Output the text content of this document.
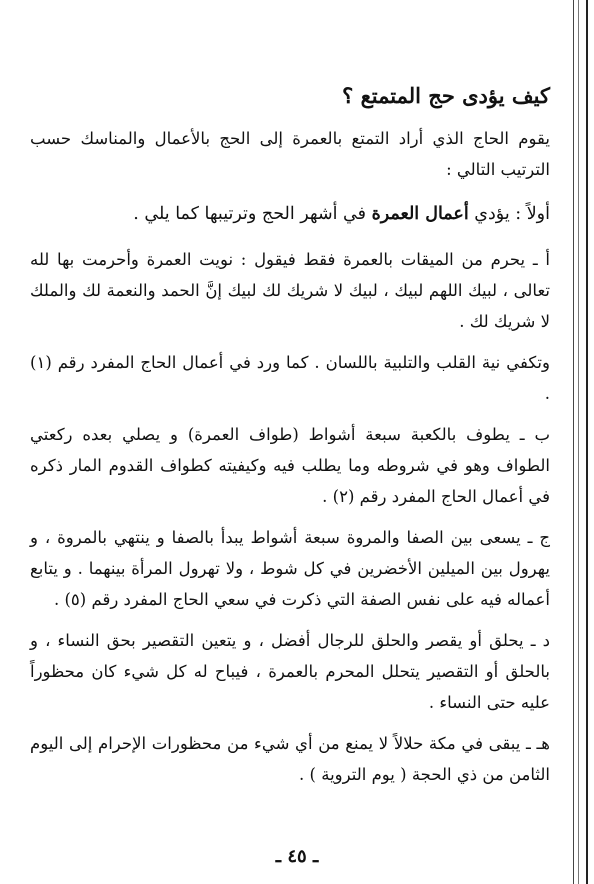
كيف يؤدى حج المتمتع ؟

يقوم الحاج الذي أراد التمتع بالعمرة إلى الحج بالأعمال والمناسك حسب الترتيب التالي :

أولاً : يؤدي أعمال العمرة في أشهر الحج وترتيبها كما يلي .

أ ـ يحرم من الميقات بالعمرة فقط فيقول : نويت العمرة وأحرمت بها لله تعالى ، لبيك اللهم لبيك ، لبيك لا شريك لك لبيك إنَّ الحمد والنعمة لك والملك لا شريك لك .

وتكفي نية القلب والتلبية باللسان . كما ورد في أعمال الحاج المفرد رقم (١) .

ب ـ يطوف بالكعبة سبعة أشواط (طواف العمرة) و يصلي بعده ركعتي الطواف وهو في شروطه وما يطلب فيه وكيفيته كطواف القدوم المار ذكره في أعمال الحاج المفرد رقم (٢) .

ج ـ يسعى بين الصفا والمروة سبعة أشواط يبدأ بالصفا و ينتهي بالمروة ، و يهرول بين الميلين الأخضرين في كل شوط ، ولا تهرول المرأة بينهما . و يتابع أعماله فيه على نفس الصفة التي ذكرت في سعي الحاج المفرد رقم (٥) .

د ـ يحلق أو يقصر والحلق للرجال أفضل ، و يتعين التقصير بحق النساء ، و بالحلق أو التقصير يتحلل المحرم بالعمرة ، فيباح له كل شيء كان محظوراً عليه حتى النساء .

هـ ـ يبقى في مكة حلالاً لا يمنع من أي شيء من محظورات الإحرام إلى اليوم الثامن من ذي الحجة ( يوم التروية ) .

ـ ٤٥ ـ
